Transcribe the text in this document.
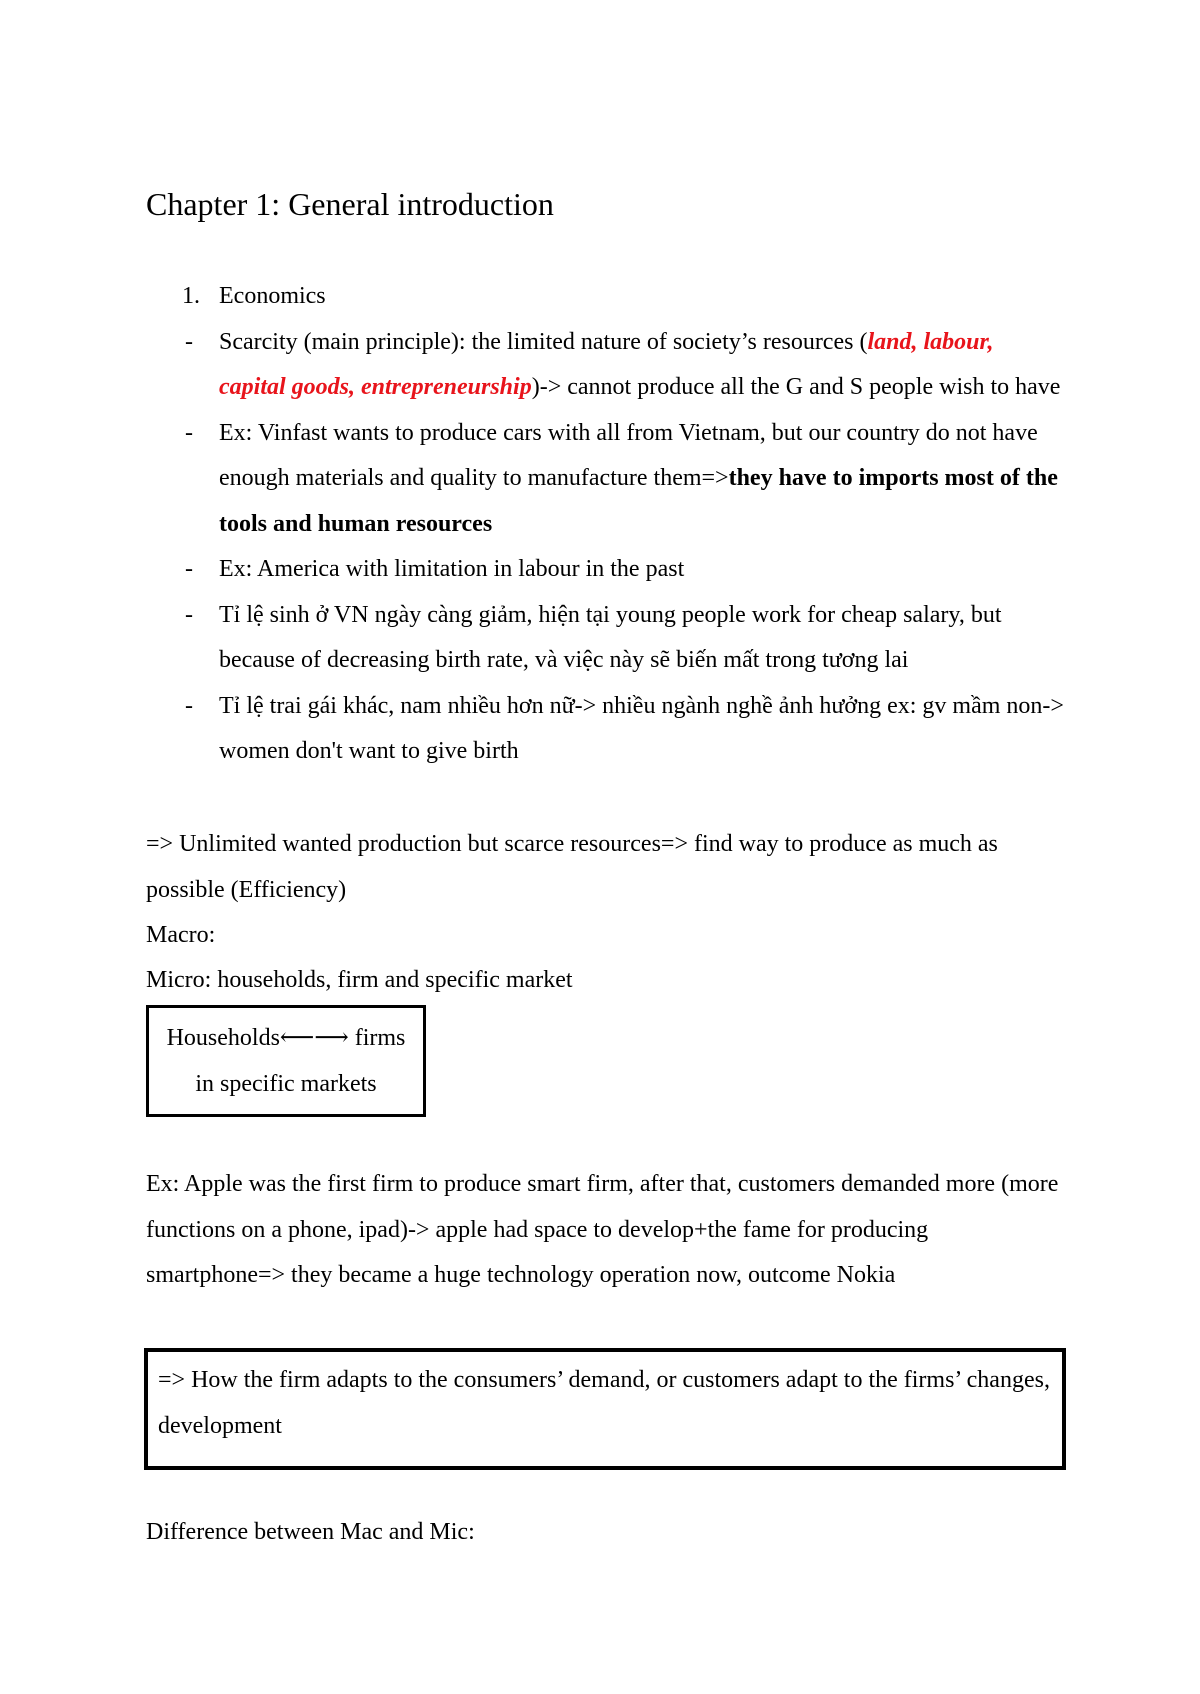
Chapter 1: General introduction
1. Economics
- Scarcity (main principle): the limited nature of society’s resources (land, labour, capital goods, entrepreneurship)-> cannot produce all the G and S people wish to have
- Ex: Vinfast wants to produce cars with all from Vietnam, but our country do not have enough materials and quality to manufacture them=>they have to imports most of the tools and human resources
- Ex: America with limitation in labour in the past
- Tỉ lệ sinh ở VN ngày càng giảm, hiện tại young people work for cheap salary, but because of decreasing birth rate, và việc này sẽ biến mất trong tương lai
- Tỉ lệ trai gái khác, nam nhiều hơn nữ-> nhiều ngành nghề ảnh hưởng ex: gv mầm non-> women don't want to give birth
=> Unlimited wanted production but scarce resources=> find way to produce as much as possible (Efficiency)
Macro:
Micro: households, firm and specific market
Households⟵⟶ firms
in specific markets
Ex: Apple was the first firm to produce smart firm, after that, customers demanded more (more functions on a phone, ipad)-> apple had space to develop+the fame for producing smartphone=> they became a huge technology operation now, outcome Nokia
=> How the firm adapts to the consumers’ demand, or customers adapt to the firms’ changes, development
Difference between Mac and Mic:
